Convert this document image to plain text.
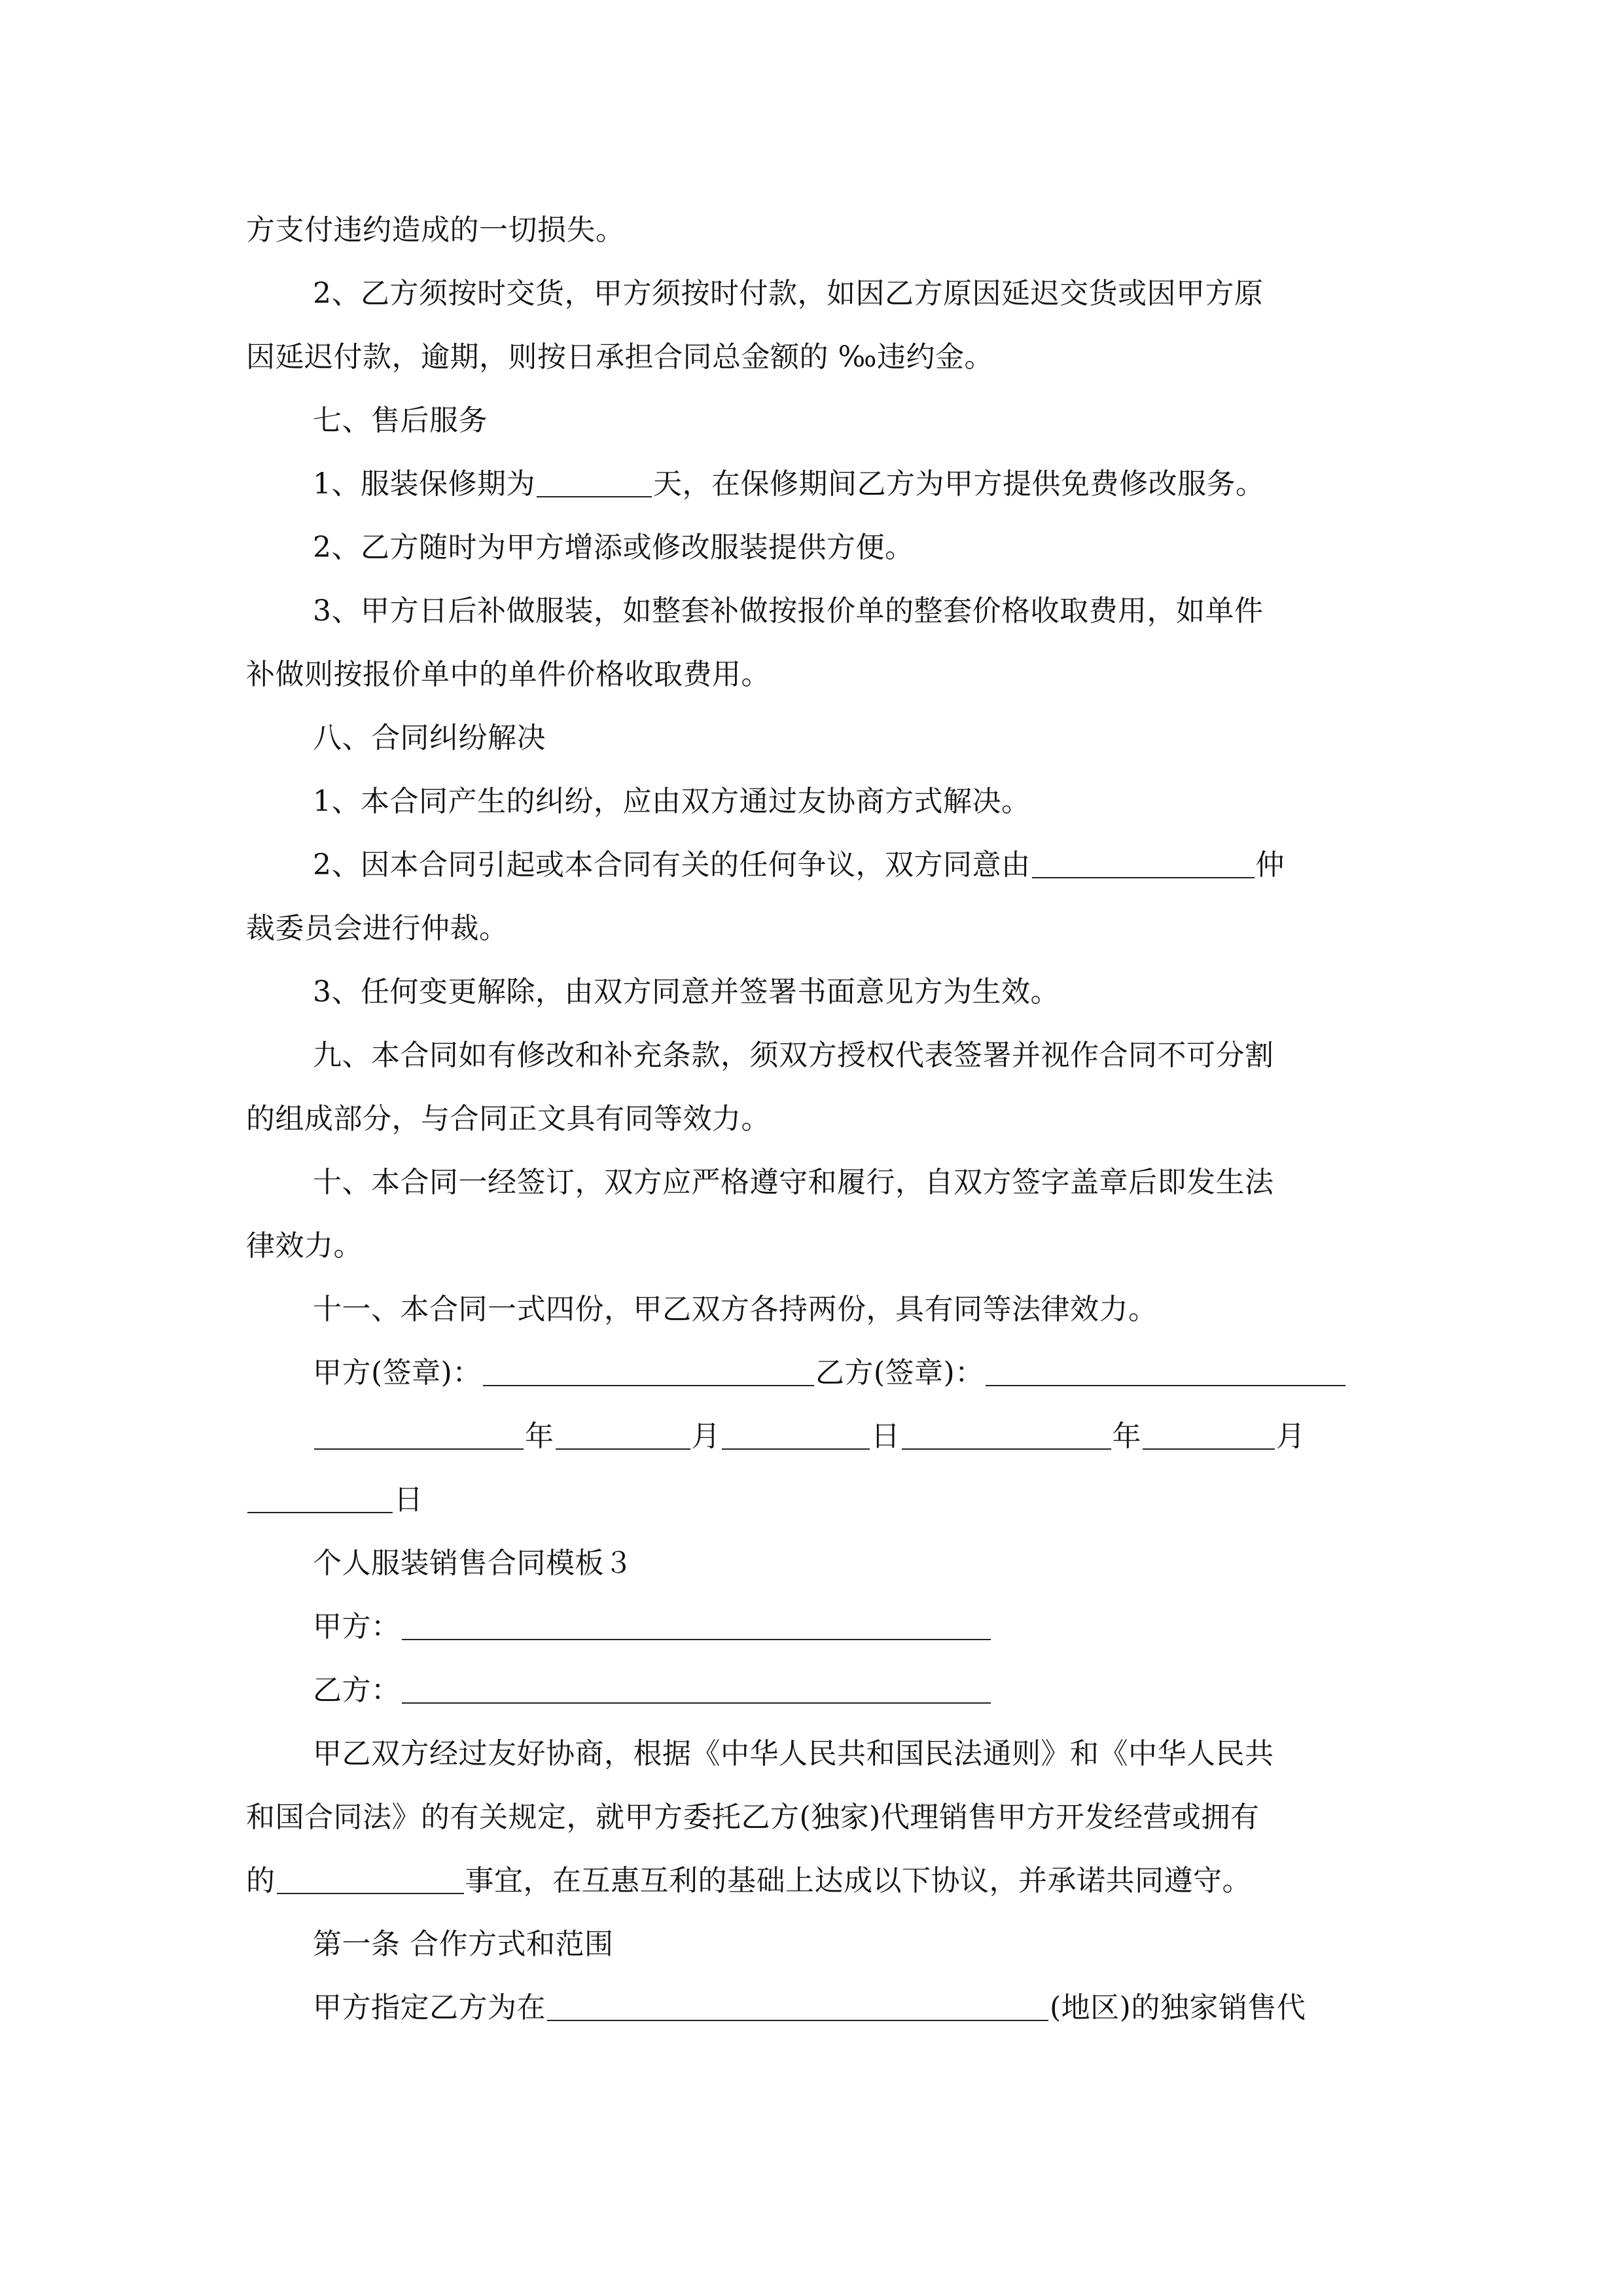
方支付违约造成的一切损失。
2、乙方须按时交货，甲方须按时付款，如因乙方原因延迟交货或因甲方原
因延迟付款，逾期，则按日承担合同总金额的 ‰违约金。
七、售后服务
1、服装保修期为	天，在保修期间乙方为甲方提供免费修改服务。
2、乙方随时为甲方增添或修改服装提供方便。
3、甲方日后补做服装，如整套补做按报价单的整套价格收取费用，如单件
补做则按报价单中的单件价格收取费用。
八、合同纠纷解决
1、本合同产生的纠纷，应由双方通过友协商方式解决。
2、因本合同引起或本合同有关的任何争议，双方同意由	仲
裁委员会进行仲裁。
3、任何变更解除，由双方同意并签署书面意见方为生效。
九、本合同如有修改和补充条款，须双方授权代表签署并视作合同不可分割
的组成部分，与合同正文具有同等效力。
十、本合同一经签订，双方应严格遵守和履行，自双方签字盖章后即发生法
律效力。
十一、本合同一式四份，甲乙双方各持两份，具有同等法律效力。
甲方(签章)：	乙方(签章)：
年	月	日	年	月
日
个人服装销售合同模板３
甲方：
乙方：
甲乙双方经过友好协商，根据《中华人民共和国民法通则》和《中华人民共
和国合同法》的有关规定，就甲方委托乙方(独家)代理销售甲方开发经营或拥有
的	事宜，在互惠互利的基础上达成以下协议，并承诺共同遵守。
第一条 合作方式和范围
甲方指定乙方为在	(地区)的独家销售代
